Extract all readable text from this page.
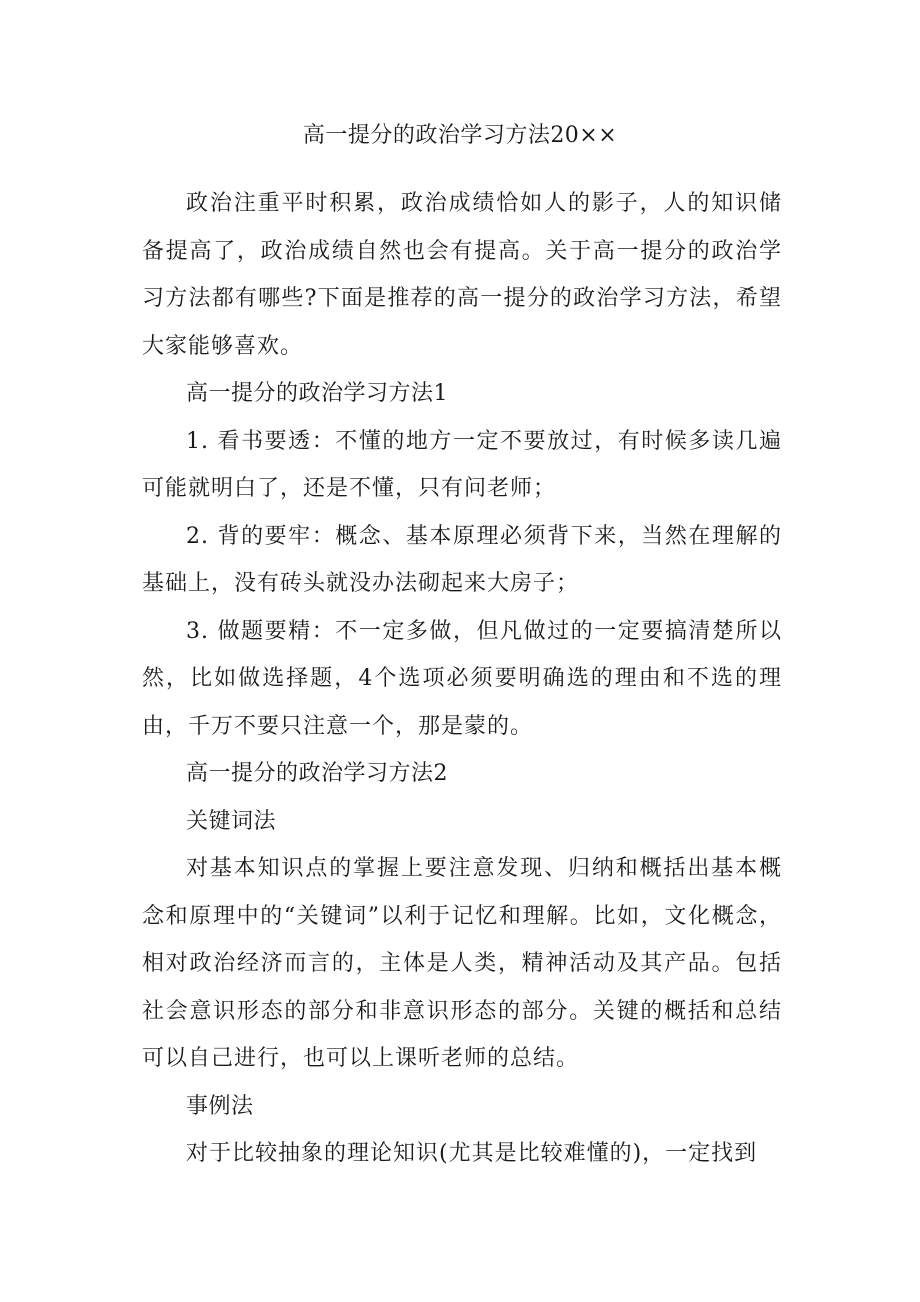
高一提分的政治学习方法20××

政治注重平时积累，政治成绩恰如人的影子，人的知识储备提高了，政治成绩自然也会有提高。关于高一提分的政治学习方法都有哪些?下面是推荐的高一提分的政治学习方法，希望大家能够喜欢。

高一提分的政治学习方法1

1. 看书要透：不懂的地方一定不要放过，有时候多读几遍可能就明白了，还是不懂，只有问老师；

2. 背的要牢：概念、基本原理必须背下来，当然在理解的基础上，没有砖头就没办法砌起来大房子；

3. 做题要精：不一定多做，但凡做过的一定要搞清楚所以然，比如做选择题，4个选项必须要明确选的理由和不选的理由，千万不要只注意一个，那是蒙的。

高一提分的政治学习方法2

关键词法

对基本知识点的掌握上要注意发现、归纳和概括出基本概念和原理中的“关键词”以利于记忆和理解。比如，文化概念，相对政治经济而言的，主体是人类，精神活动及其产品。包括社会意识形态的部分和非意识形态的部分。关键的概括和总结可以自己进行，也可以上课听老师的总结。

事例法

对于比较抽象的理论知识(尤其是比较难懂的)，一定找到
